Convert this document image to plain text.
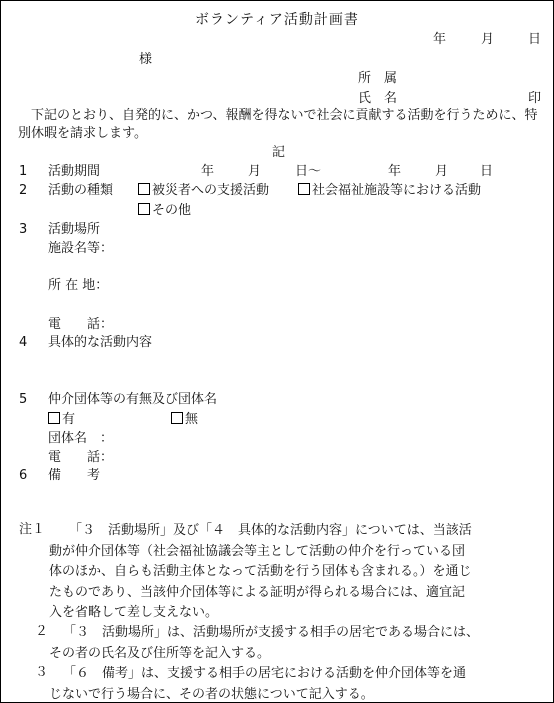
ボランティア活動計画書
年	月	日
様
所　属
氏　名	印
下記のとおり、自発的に、かつ、報酬を得ないで社会に貢献する活動を行うために、特別休暇を請求します。
記
1 活動期間	年	月	日〜	年	月 日
2 活動の種類	被災者への支援活動	社会福祉施設等における活動
その他
3 活動場所
施設名等：
所 在 地：
電　　話：
4 具体的な活動内容
5 仲介団体等の有無及び団体名
有	無
団体名　：
電　　話：
6 備　　考
注１	「３　活動場所」及び「４　具体的な活動内容」については、当該活
動が仲介団体等（社会福祉協議会等主として活動の仲介を行っている団
体のほか、自らも活動主体となって活動を行う団体も含まれる。）を通じ
たものであり、当該仲介団体等による証明が得られる場合には、適宜記
入を省略して差し支えない。
２	「３　活動場所」は、活動場所が支援する相手の居宅である場合には、
その者の氏名及び住所等を記入する。
３	「６　備考」は、支援する相手の居宅における活動を仲介団体等を通
じないで行う場合に、その者の状態について記入する。
